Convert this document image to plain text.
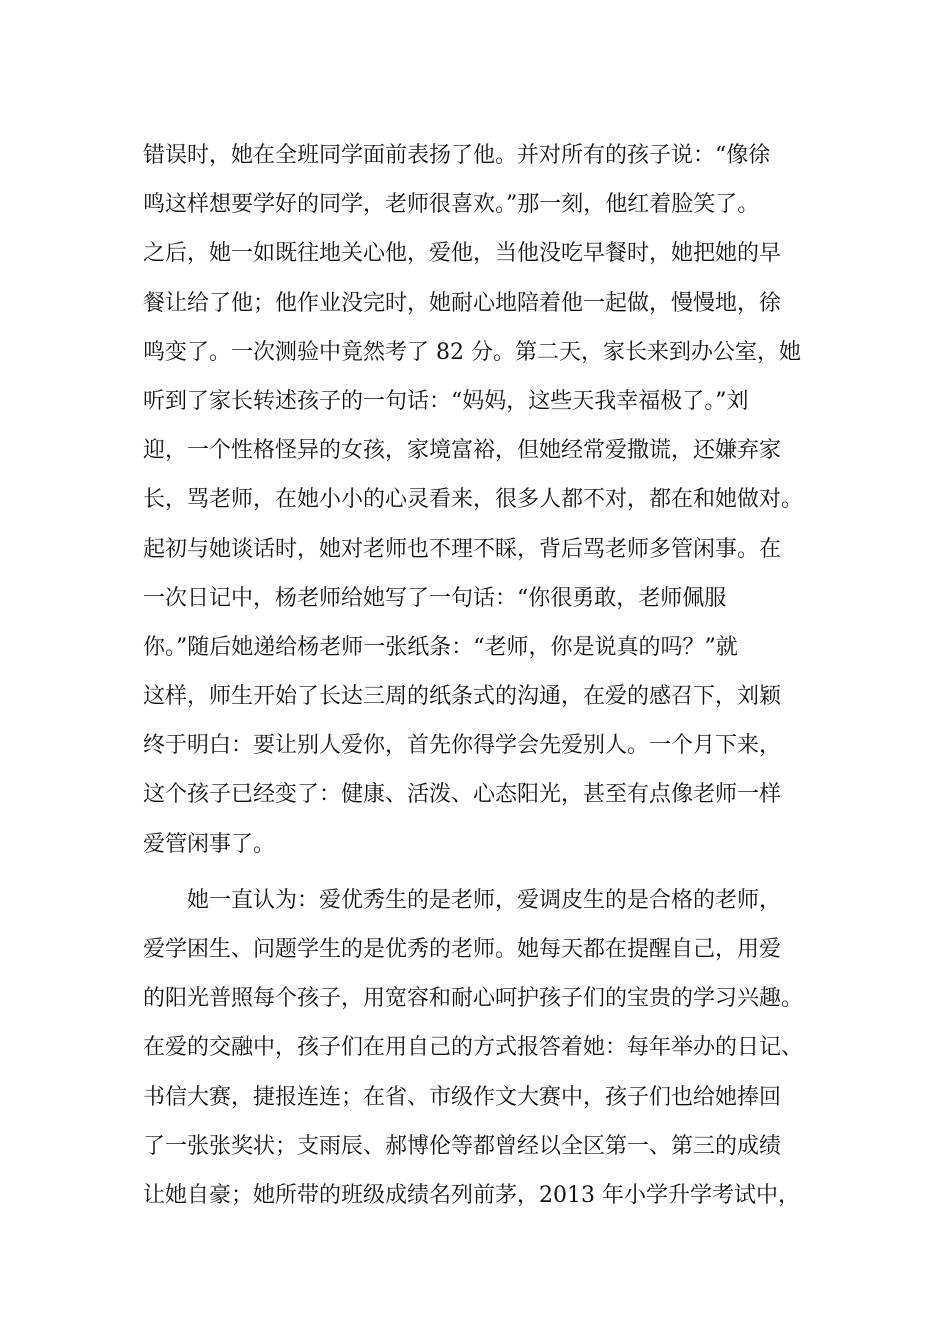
错误时，她在全班同学面前表扬了他。并对所有的孩子说：“像徐
鸣这样想要学好的同学，老师很喜欢。”那一刻，他红着脸笑了。
之后，她一如既往地关心他，爱他，当他没吃早餐时，她把她的早
餐让给了他；他作业没完时，她耐心地陪着他一起做，慢慢地，徐
鸣变了。一次测验中竟然考了 82 分。第二天，家长来到办公室，她
听到了家长转述孩子的一句话：“妈妈，这些天我幸福极了。”刘
迎，一个性格怪异的女孩，家境富裕，但她经常爱撒谎，还嫌弃家
长，骂老师，在她小小的心灵看来，很多人都不对，都在和她做对。
起初与她谈话时，她对老师也不理不睬，背后骂老师多管闲事。在
一次日记中，杨老师给她写了一句话：“你很勇敢，老师佩服
你。”随后她递给杨老师一张纸条：“老师，你是说真的吗？”就
这样，师生开始了长达三周的纸条式的沟通，在爱的感召下，刘颖
终于明白：要让别人爱你，首先你得学会先爱别人。一个月下来，
这个孩子已经变了：健康、活泼、心态阳光，甚至有点像老师一样
爱管闲事了。
　　她一直认为：爱优秀生的是老师，爱调皮生的是合格的老师，
爱学困生、问题学生的是优秀的老师。她每天都在提醒自己，用爱
的阳光普照每个孩子，用宽容和耐心呵护孩子们的宝贵的学习兴趣。
在爱的交融中，孩子们在用自己的方式报答着她：每年举办的日记、
书信大赛，捷报连连；在省、市级作文大赛中，孩子们也给她捧回
了一张张奖状；支雨辰、郝博伦等都曾经以全区第一、第三的成绩
让她自豪；她所带的班级成绩名列前茅，2013 年小学升学考试中，
